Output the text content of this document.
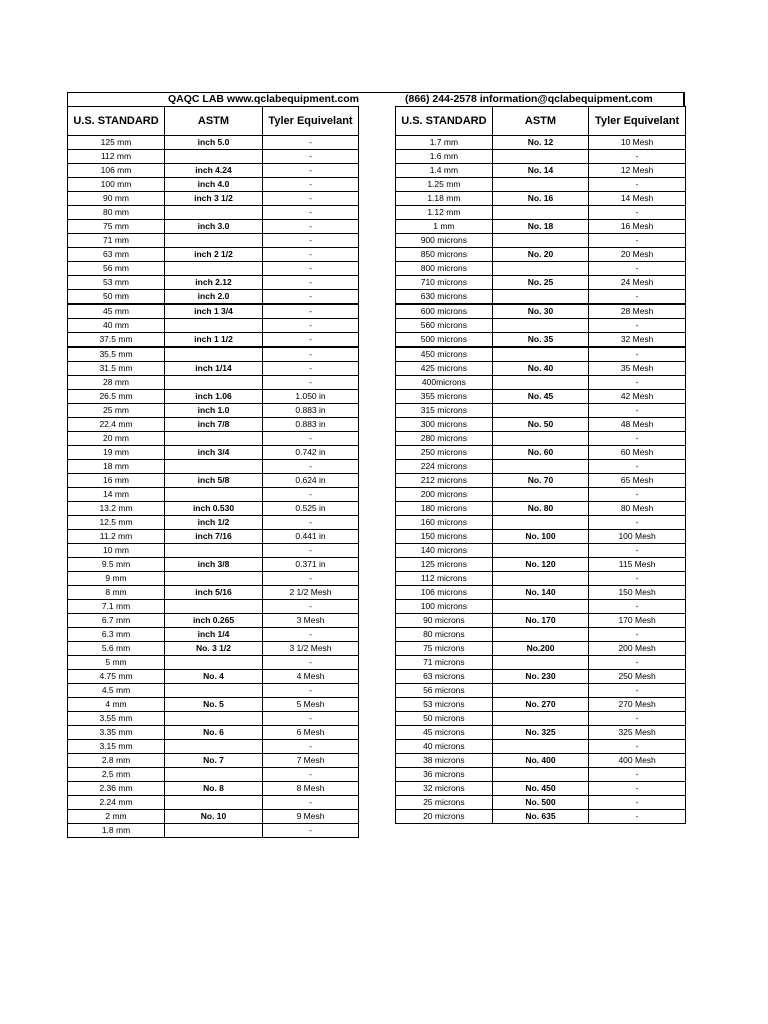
QAQC LAB www.qclabequipment.com	(866) 244-2578 information@qclabequipment.com
U.S. STANDARD	ASTM	Tyler Equivelant
125 mm	inch 5.0	-
112 mm		-
106 mm	inch 4.24	-
100 mm	inch 4.0	-
90 mm	inch 3 1/2	-
80 mm		-
75 mm	inch 3.0	-
71 mm		-
63 mm	inch 2 1/2	-
56 mm		-
53 mm	inch 2.12	-
50 mm	inch 2.0	-
45 mm	inch 1 3/4	-
40 mm		-
37.5 mm	inch 1 1/2	-
35.5 mm		-
31.5 mm	inch 1/14	-
28 mm		-
26.5 mm	inch 1.06	1.050 in
25 mm	inch 1.0	0.883 in
22.4 mm	inch 7/8	0.883 in
20 mm		-
19 mm	inch 3/4	0.742 in
18 mm		-
16 mm	inch 5/8	0.624 in
14 mm		-
13.2 mm	inch 0.530	0.525 in
12.5 mm	inch 1/2	-
11.2 mm	inch 7/16	0.441 in
10 mm		-
9.5 mm	inch 3/8	0.371 in
9 mm		-
8 mm	inch 5/16	2 1/2 Mesh
7.1 mm		-
6.7 mm	inch 0.265	3 Mesh
6.3 mm	inch 1/4	-
5.6 mm	No. 3 1/2	3 1/2 Mesh
5 mm		-
4.75 mm	No. 4	4 Mesh
4.5 mm		-
4 mm	No. 5	5 Mesh
3.55 mm		-
3.35 mm	No. 6	6 Mesh
3.15 mm		-
2.8 mm	No. 7	7 Mesh
2.5 mm		-
2.36 mm	No. 8	8 Mesh
2.24 mm		-
2 mm	No. 10	9 Mesh
1.8 mm		-
U.S. STANDARD	ASTM	Tyler Equivelant
1.7 mm	No. 12	10 Mesh
1.6 mm		-
1.4 mm	No. 14	12 Mesh
1.25 mm		-
1.18 mm	No. 16	14 Mesh
1.12 mm		-
1 mm	No. 18	16 Mesh
900 microns		-
850 microns	No. 20	20 Mesh
800 microns		-
710 microns	No. 25	24 Mesh
630 microns		-
600 microns	No. 30	28 Mesh
560 microns		-
500 microns	No. 35	32 Mesh
450 microns		-
425 microns	No. 40	35 Mesh
400microns		-
355 microns	No. 45	42 Mesh
315 microns		-
300 microns	No. 50	48 Mesh
280 microns		-
250 microns	No. 60	60 Mesh
224 microns		-
212 microns	No. 70	65 Mesh
200 microns		-
180 microns	No. 80	80 Mesh
160 microns		-
150 microns	No. 100	100 Mesh
140 microns		-
125 microns	No. 120	115 Mesh
112 microns		-
106 microns	No. 140	150 Mesh
100 microns		-
90 microns	No. 170	170 Mesh
80 microns		-
75 microns	No.200	200 Mesh
71 microns		-
63 microns	No. 230	250 Mesh
56 microns		-
53 microns	No. 270	270 Mesh
50 microns		-
45 microns	No. 325	325 Mesh
40 microns		-
38 microns	No. 400	400 Mesh
36 microns		-
32 microns	No. 450	-
25 microns	No. 500	-
20 microns	No. 635	-
